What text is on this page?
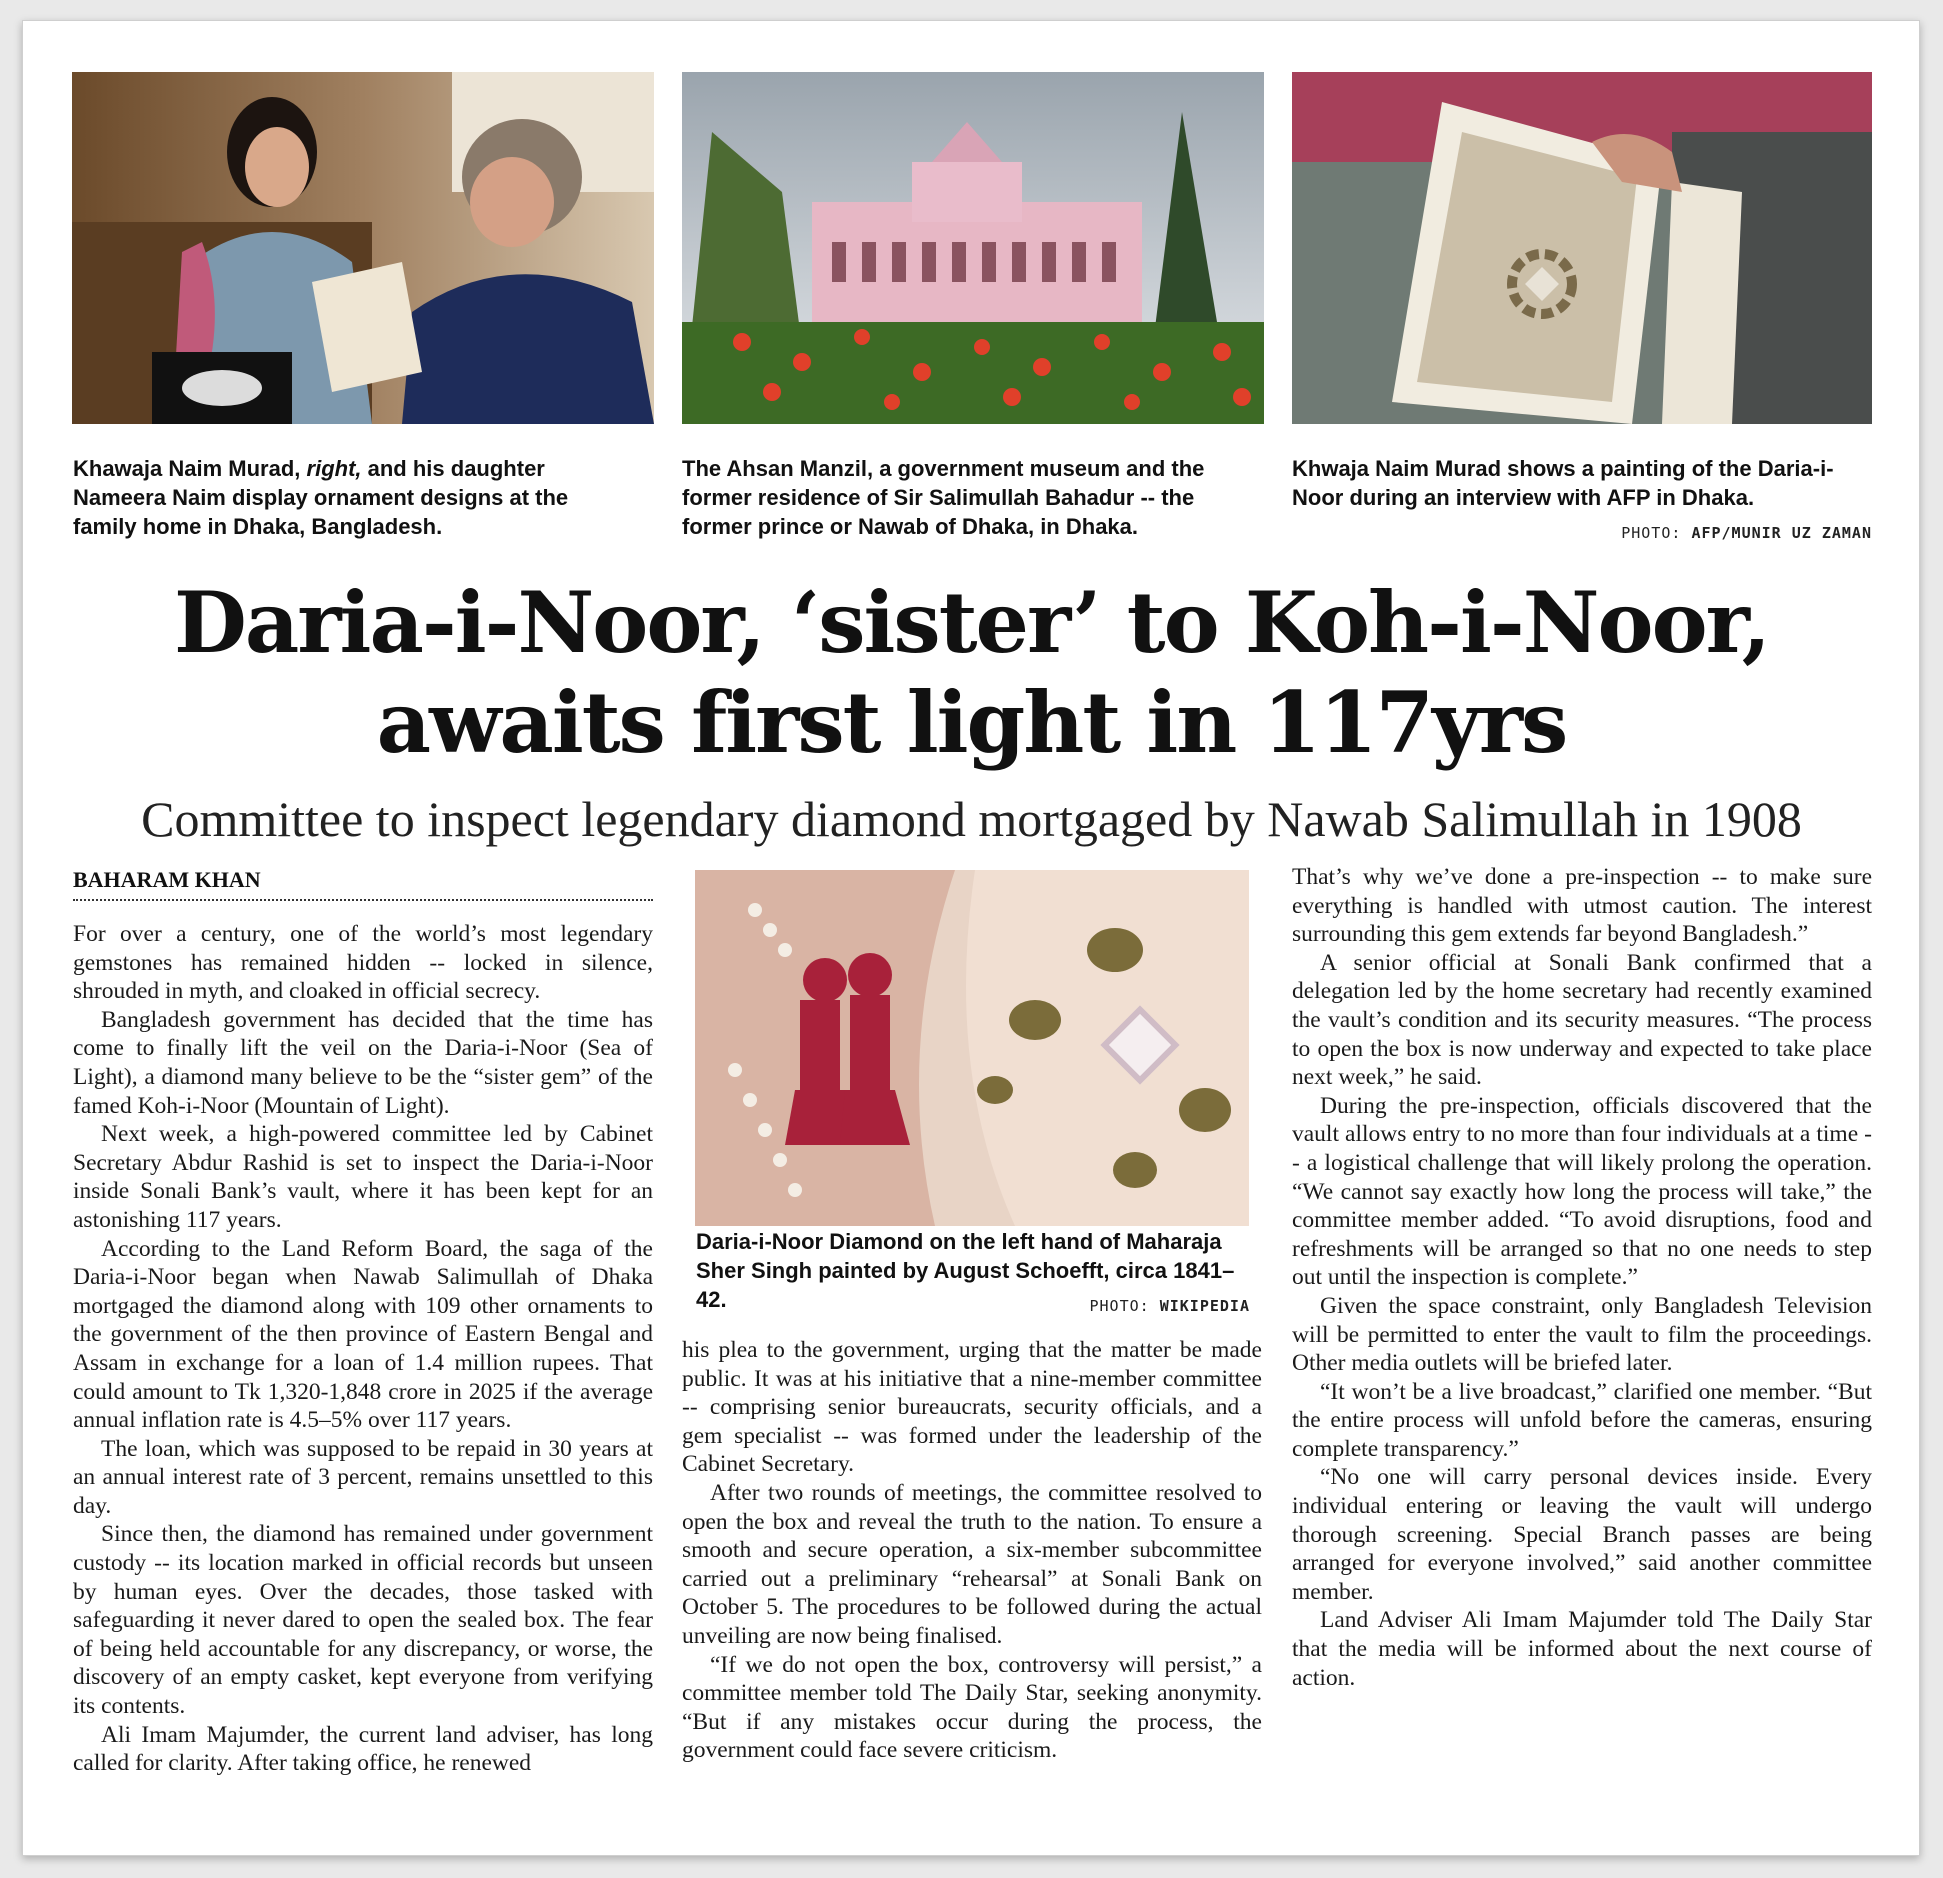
Khawaja Naim Murad, right, and his daughter Nameera Naim display ornament designs at the family home in Dhaka, Bangladesh.
The Ahsan Manzil, a government museum and the former residence of Sir Salimullah Bahadur -- the former prince or Nawab of Dhaka, in Dhaka.
Khwaja Naim Murad shows a painting of the Daria-i-Noor during an interview with AFP in Dhaka.
PHOTO: AFP/MUNIR UZ ZAMAN
Daria-i-Noor, ‘sister’ to Koh-i-Noor,
awaits first light in 117yrs
Committee to inspect legendary diamond mortgaged by Nawab Salimullah in 1908
BAHARAM KHAN

For over a century, one of the world’s most legendary gemstones has remained hidden -- locked in silence, shrouded in myth, and cloaked in official secrecy.

Bangladesh government has decided that the time has come to finally lift the veil on the Daria-i-Noor (Sea of Light), a diamond many believe to be the “sister gem” of the famed Koh-i-Noor (Mountain of Light).

Next week, a high-powered committee led by Cabinet Secretary Abdur Rashid is set to inspect the Daria-i-Noor inside Sonali Bank’s vault, where it has been kept for an astonishing 117 years.

According to the Land Reform Board, the saga of the Daria-i-Noor began when Nawab Salimullah of Dhaka mortgaged the diamond along with 109 other ornaments to the government of the then province of Eastern Bengal and Assam in exchange for a loan of 1.4 million rupees. That could amount to Tk 1,320-1,848 crore in 2025 if the average annual inflation rate is 4.5–5% over 117 years.

The loan, which was supposed to be repaid in 30 years at an annual interest rate of 3 percent, remains unsettled to this day.

Since then, the diamond has remained under government custody -- its location marked in official records but unseen by human eyes. Over the decades, those tasked with safeguarding it never dared to open the sealed box. The fear of being held accountable for any discrepancy, or worse, the discovery of an empty casket, kept everyone from verifying its contents.

Ali Imam Majumder, the current land adviser, has long called for clarity. After taking office, he renewed

Daria-i-Noor Diamond on the left hand of Maharaja Sher Singh painted by August Schoefft, circa 1841–42.	PHOTO: WIKIPEDIA

his plea to the government, urging that the matter be made public. It was at his initiative that a nine-member committee -- comprising senior bureaucrats, security officials, and a gem specialist -- was formed under the leadership of the Cabinet Secretary.

After two rounds of meetings, the committee resolved to open the box and reveal the truth to the nation. To ensure a smooth and secure operation, a six-member subcommittee carried out a preliminary “rehearsal” at Sonali Bank on October 5. The procedures to be followed during the actual unveiling are now being finalised.

“If we do not open the box, controversy will persist,” a committee member told The Daily Star, seeking anonymity. “But if any mistakes occur during the process, the government could face severe criticism.

That’s why we’ve done a pre-inspection -- to make sure everything is handled with utmost caution. The interest surrounding this gem extends far beyond Bangladesh.”

A senior official at Sonali Bank confirmed that a delegation led by the home secretary had recently examined the vault’s condition and its security measures. “The process to open the box is now underway and expected to take place next week,” he said.

During the pre-inspection, officials discovered that the vault allows entry to no more than four individuals at a time -- a logistical challenge that will likely prolong the operation. “We cannot say exactly how long the process will take,” the committee member added. “To avoid disruptions, food and refreshments will be arranged so that no one needs to step out until the inspection is complete.”

Given the space constraint, only Bangladesh Television will be permitted to enter the vault to film the proceedings. Other media outlets will be briefed later.

“It won’t be a live broadcast,” clarified one member. “But the entire process will unfold before the cameras, ensuring complete transparency.”

“No one will carry personal devices inside. Every individual entering or leaving the vault will undergo thorough screening. Special Branch passes are being arranged for everyone involved,” said another committee member.

Land Adviser Ali Imam Majumder told The Daily Star that the media will be informed about the next course of action.
